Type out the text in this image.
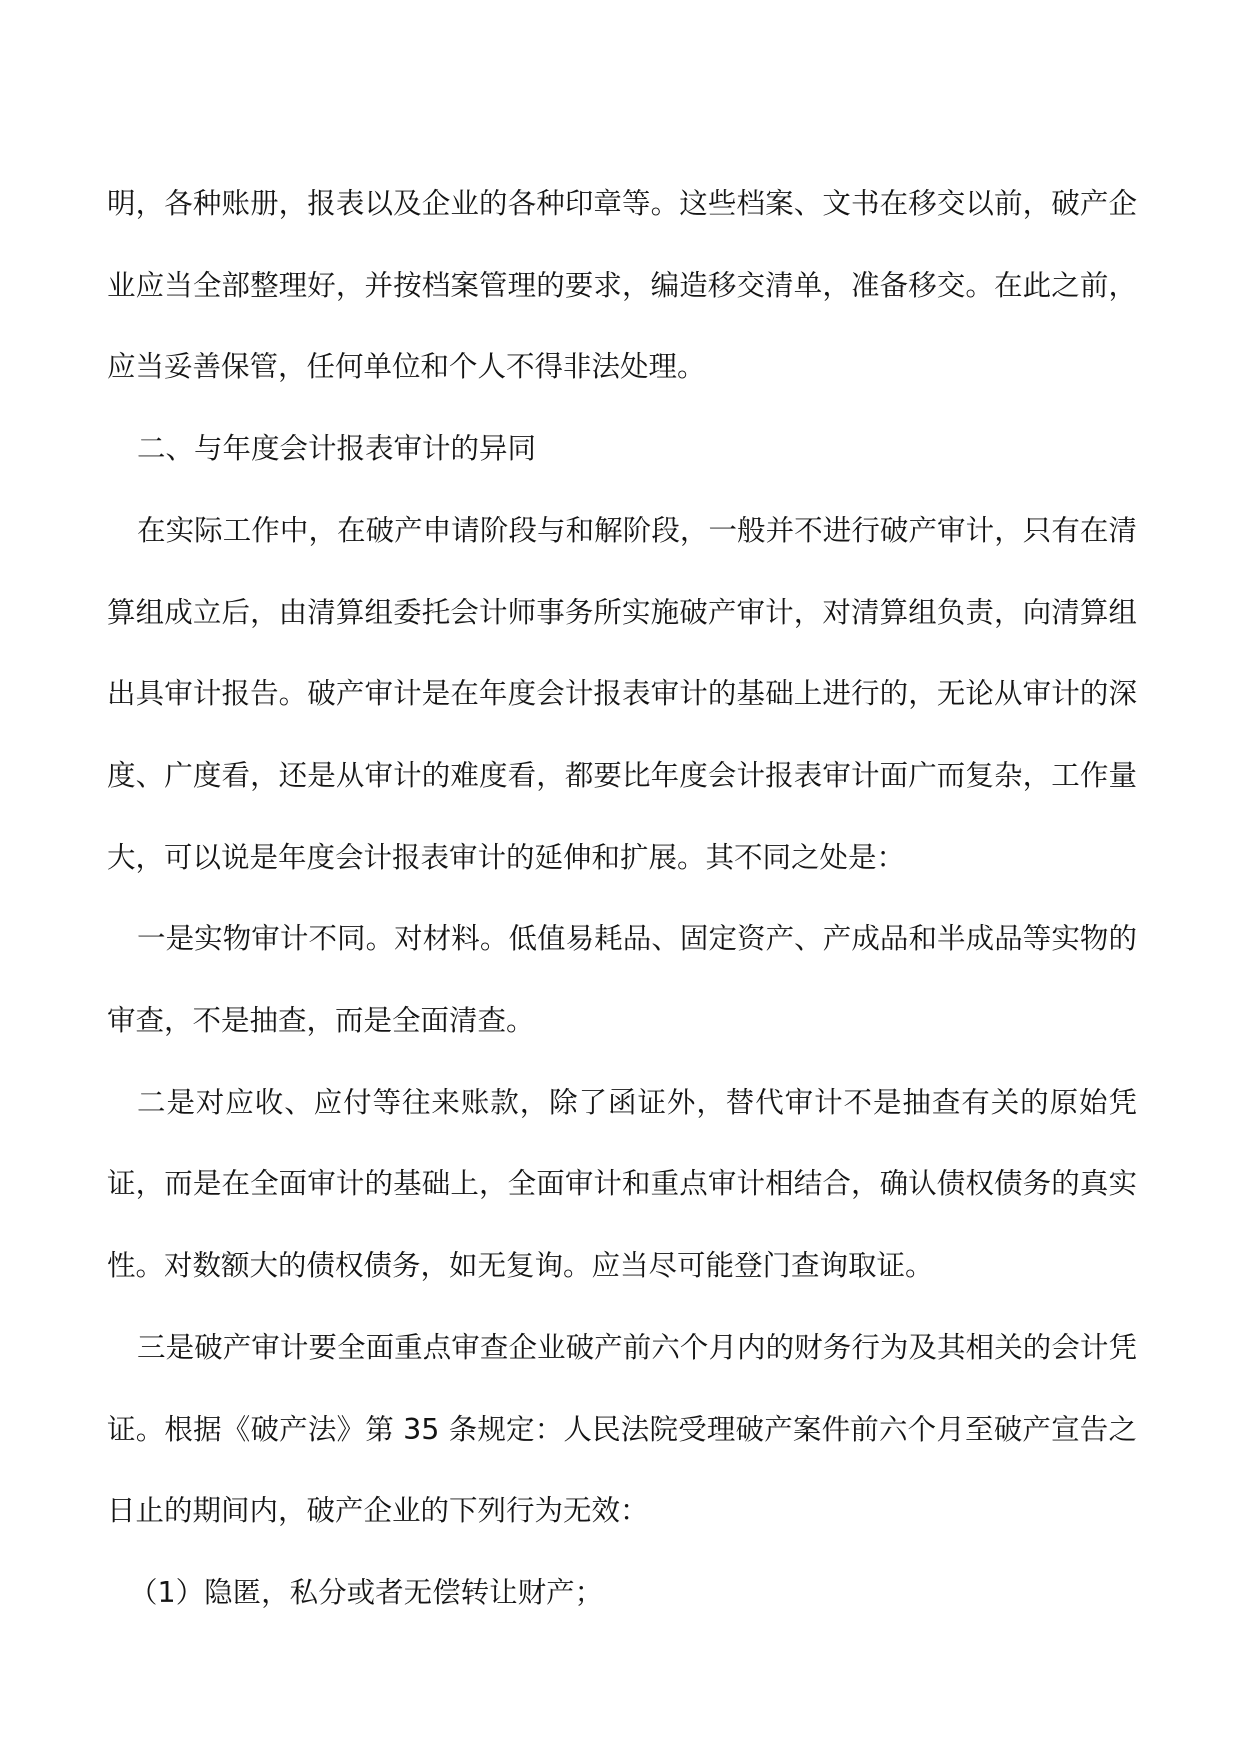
明，各种账册，报表以及企业的各种印章等。这些档案、文书在移交以前，破产企业应当全部整理好，并按档案管理的要求，编造移交清单，准备移交。在此之前，应当妥善保管，任何单位和个人不得非法处理。

二、与年度会计报表审计的异同

在实际工作中，在破产申请阶段与和解阶段，一般并不进行破产审计，只有在清算组成立后，由清算组委托会计师事务所实施破产审计，对清算组负责，向清算组出具审计报告。破产审计是在年度会计报表审计的基础上进行的，无论从审计的深度、广度看，还是从审计的难度看，都要比年度会计报表审计面广而复杂，工作量大，可以说是年度会计报表审计的延伸和扩展。其不同之处是：

一是实物审计不同。对材料。低值易耗品、固定资产、产成品和半成品等实物的审查，不是抽查，而是全面清查。

二是对应收、应付等往来账款，除了函证外，替代审计不是抽查有关的原始凭证，而是在全面审计的基础上，全面审计和重点审计相结合，确认债权债务的真实性。对数额大的债权债务，如无复询。应当尽可能登门查询取证。

三是破产审计要全面重点审查企业破产前六个月内的财务行为及其相关的会计凭证。根据《破产法》第 35 条规定：人民法院受理破产案件前六个月至破产宣告之日止的期间内，破产企业的下列行为无效：

（1）隐匿，私分或者无偿转让财产；
